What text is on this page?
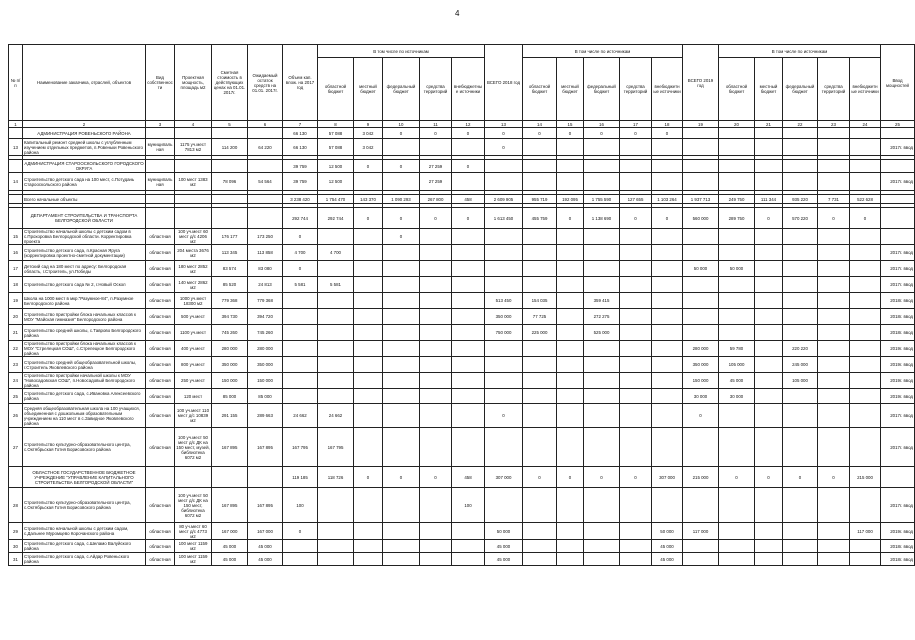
4
№ п/п	Наименование заказчика, отраслей, объектов	Вид собственности	Проектная мощность, площадь м2	Сметная стоимость в действующих ценах на 01.01. 2017г.	Ожидаемый остаток средств на 01.01. 2017г.	Объем кап. влож. на 2017 год	В том числе по источникам					ВСЕГО 2018 год	В том числе по источникам					ВСЕГО 2019 год	В том числе по источникам					Ввод мощностей
							областной бюджет	местный бюджет	федеральный бюджет	средства территорий	внебюджетные источники		областной бюджет	местный бюджет	федеральный бюджет	средства территорий	внебюджетные источники		областной бюджет	местный бюджет	федеральный бюджет	средства территорий	внебюджетные источники	
1	2	3	4	5	6	7	8	9	10	11	12	13	14	15	16	17	18	19	20	21	22	23	24	25
	АДМИНИСТРАЦИЯ РОВЕНЬСКОГО РАЙОНА					66 130	57 088	3 042	0	0	0	0	0	0	0	0	0							
13	Капитальный ремонт средней школы с углубленным изучением отдельных предметов, п.Ровеньки Ровеньского района	муниципальная	1175 уч.мест 7813 м2	114 200	64 220	66 130	57 088	3 042				0												2017г. ввод

	АДМИНИСТРАЦИЯ СТАРООСКОЛЬСКОГО ГОРОДСКОГО ОКРУГА					39 759	12 500	0	0	27 259	0													
14	Строительство детского сада на 100 мест, с.Потудань Старооскольского района	муниципальная	100 мест 1383 м2	78 096	54 564	39 759	12 500			27 259														2017г. ввод

	Всего начальные объекты					3 238 420	1 754 470	143 370	1 090 293	267 800	458	2 609 905	955 719	192 095	1 755 590	127 655	1 103 264	1 937 713	249 750	111 344	935 220	7 731	522 628	

	ДЕПАРТАМЕНТ СТРОИТЕЛЬСТВА И ТРАНСПОРТА БЕЛГОРОДСКОЙ ОБЛАСТИ					292 744	292 744	0	0	0	0	1 613 450	455 759	0	1 138 690	0	0	560 000	289 750	0	570 220	0	0	
15	Строительство начальной школы с детским садом в с.Прохоровка Белгородской области. Корректировка проекта	областная	100 уч.мест 60 мест д/с 4206 м2	176 177	173 250	0			0															
16	Строительство детского сада, п.Красная Яруга (корректировка проектно-сметной документации)	областная	204 места 3676 м2	113 345	113 858	4 700	4 700																	2017г. ввод
17	Детский сад на 180 мест по адресу: Белгородская область, г.Строитель, ул.Победы	областная	180 мест 2852 м2	83 574	83 080	0												50 000	50 000					2017г. ввод
18	Строительство детского сада № 2, г.Новый Оскол	областная	140 мест 2862 м2	85 520	24 813	5 581	5 581																	2017г. ввод
19	Школа на 1000 мест в мкр."Разумное-84", п.Разумное Белгородского района	областная	1000 уч.мест 18300 м2	779 368	779 368							513 450	154 035		359 415									2018г. ввод
20	Строительство пристройки блока начальных классов к МОУ "Майская гимназия" Белгородского района	областная	500 уч.мест	394 730	394 720							350 000	77 725		272 275									2018г. ввод
21	Строительство средней школы, с.Таврово Белгородского района	областная	1100 уч.мест	745 260	745 260							750 000	225 000		525 000									2018г. ввод
22	Строительство пристройки блока начальных классов к МОУ "Стрелецкая СОШ", с.Стрелецкое Белгородского района	областная	400 уч.мест	280 000	280 000													280 000	59 780		220 220			2019г. ввод
23	Строительство средней общеобразовательной школы, г.Строитель Яковлевского района	областная	800 уч.мест	350 000	350 000													350 000	105 000		245 000			2019г. ввод
24	Строительство пристройки начальной школы к МОУ "Новосадовская СОШ", п.Новосадовый Белгородского района	областная	250 уч.мест	150 000	150 000													150 000	45 000		105 000			2019г. ввод
25	Строительство детского сада, с.Ивановка Алексеевского района	областная	120 мест	85 000	85 000													30 000	30 000					2019г. ввод
26	Средняя общеобразовательная школа на 100 учащихся, объединенная с дошкольным образовательным учреждением на 110 мест в с.Завидное Яковлевского района	областная	100 уч.мест 110 мест д/с 10839 м2	291 155	289 663	24 662	24 662					0						0						2017г. ввод
27	Строительство культурно-образовательного центра, с.Октябрьская Готня Борисовского района	областная	100 уч.мест 50 мест д/с ДК на 150 мест, музей, библиотека 6072 м2	167 895	167 895	167 795	167 795																	2017г. ввод
	ОБЛАСТНОЕ ГОСУДАРСТВЕННОЕ БЮДЖЕТНОЕ УЧРЕЖДЕНИЕ "УПРАВЛЕНИЕ КАПИТАЛЬНОГО СТРОИТЕЛЬСТВА БЕЛГОРОДСКОЙ ОБЛАСТИ"					119 185	118 726	0	0	0	458	307 000	0	0	0	0	307 000	215 000	0	0	0	0	215 000	
28	Строительство культурно-образовательного центра, с.Октябрьская Готня Борисовского района	областная	100 уч.мест 50 мест д/с ДК на 150 мест, библиотека 6072 м2	167 895	167 895	100					100													2017г. ввод
29	Строительство начальной школы с детским садом, с.Дальнее Муромцево Корочанского района	областная	80 уч.мест 60 мест д/с 4773 м2	167 000	167 000	0						50 000					50 000	117 000					117 000	2019г. ввод
30	Строительство детского сада, с.Шеламо Валуйского района	областная	100 мест 1159 м2	45 000	45 000							45 000					45 000							2018г. ввод
31	Строительство детского сада, с.Айдар Ровеньского района	областная	100 мест 1159 м2	45 000	45 000							45 000					45 000							2018г. ввод
